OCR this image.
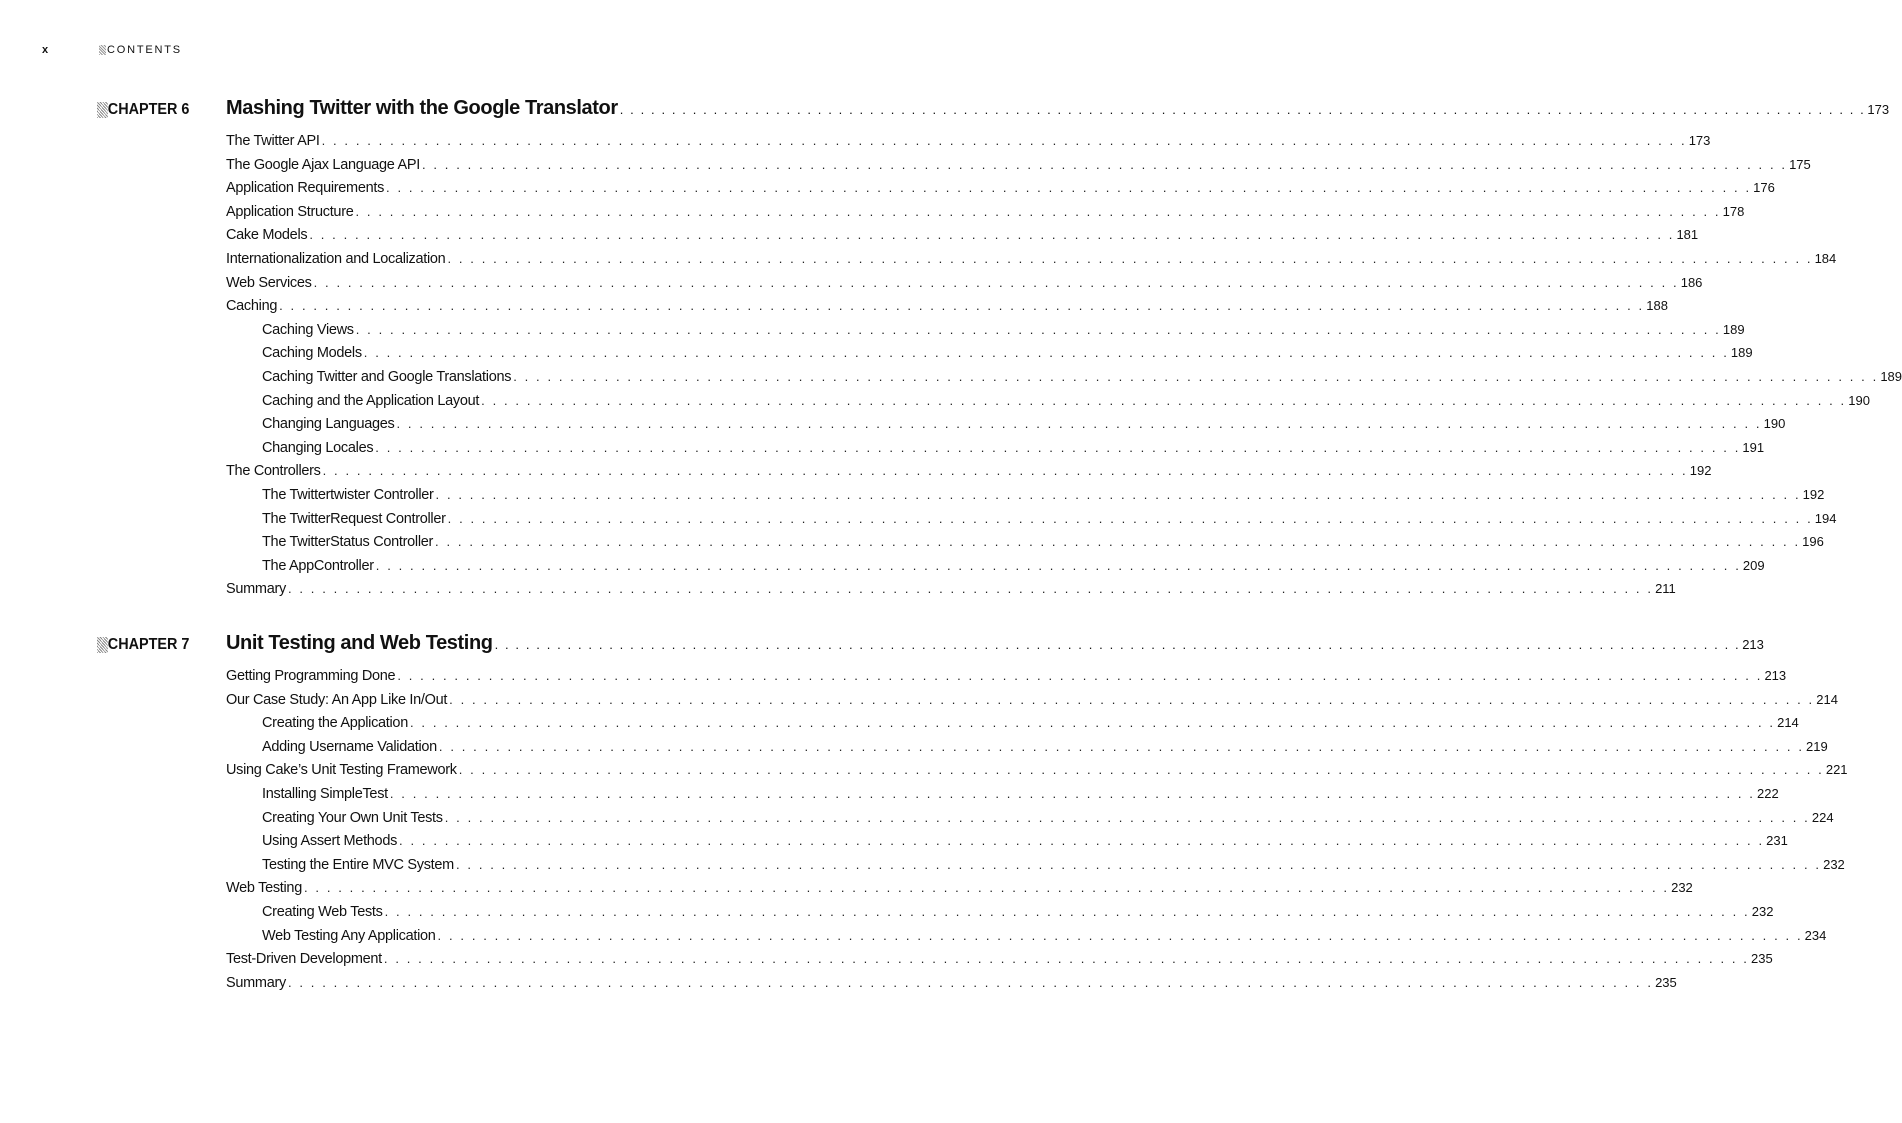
x	CONTENTS
CHAPTER 6 Mashing Twitter with the Google Translator . . . . . . . . . . . . . . . . . . . . . . . . . . . . . . . . . . . . . . . . . . . . . . . . . . . . . . . . . . . . . . . . . . . . . . . . . . . . . . . . . . . . . . . . . . . . . . . . . . . . . . . . . . . . . . . . . . . . . . . . 173
The Twitter API . . . . . . . . . . . . . . . . . . . . . . . . . . . . . . . . . . . . . . . . . . . . . . . . . . . . . . . . . . . . . . . . . . . . . . . . . . . . . . . . . . . . . . . . . . . . . . . . . . . . . . . . . . . . . . . . . . . . . . . . 173
The Google Ajax Language API . . . . . . . . . . . . . . . . . . . . . . . . . . . . . . . . . . . . . . . . . . . . . . . . . . . . . . . . . . . . . . . . . . . . . . . . . . . . . . . . . . . . . . . . . . . . . . . . . . . . . . . . . . . . . . . . . . . . . . . . 175
Application Requirements . . . . . . . . . . . . . . . . . . . . . . . . . . . . . . . . . . . . . . . . . . . . . . . . . . . . . . . . . . . . . . . . . . . . . . . . . . . . . . . . . . . . . . . . . . . . . . . . . . . . . . . . . . . . . . . . . . . . . . . . 176
Application Structure . . . . . . . . . . . . . . . . . . . . . . . . . . . . . . . . . . . . . . . . . . . . . . . . . . . . . . . . . . . . . . . . . . . . . . . . . . . . . . . . . . . . . . . . . . . . . . . . . . . . . . . . . . . . . . . . . . . . . . . . 178
Cake Models . . . . . . . . . . . . . . . . . . . . . . . . . . . . . . . . . . . . . . . . . . . . . . . . . . . . . . . . . . . . . . . . . . . . . . . . . . . . . . . . . . . . . . . . . . . . . . . . . . . . . . . . . . . . . . . . . . . . . . . . 181
Internationalization and Localization . . . . . . . . . . . . . . . . . . . . . . . . . . . . . . . . . . . . . . . . . . . . . . . . . . . . . . . . . . . . . . . . . . . . . . . . . . . . . . . . . . . . . . . . . . . . . . . . . . . . . . . . . . . . . . . . . . . . . . . . 184
Web Services . . . . . . . . . . . . . . . . . . . . . . . . . . . . . . . . . . . . . . . . . . . . . . . . . . . . . . . . . . . . . . . . . . . . . . . . . . . . . . . . . . . . . . . . . . . . . . . . . . . . . . . . . . . . . . . . . . . . . . . . 186
Caching . . . . . . . . . . . . . . . . . . . . . . . . . . . . . . . . . . . . . . . . . . . . . . . . . . . . . . . . . . . . . . . . . . . . . . . . . . . . . . . . . . . . . . . . . . . . . . . . . . . . . . . . . . . . . . . . . . . . . . . . 188
Caching Views . . . . . . . . . . . . . . . . . . . . . . . . . . . . . . . . . . . . . . . . . . . . . . . . . . . . . . . . . . . . . . . . . . . . . . . . . . . . . . . . . . . . . . . . . . . . . . . . . . . . . . . . . . . . . . . . . . . . . . . . 189
Caching Models . . . . . . . . . . . . . . . . . . . . . . . . . . . . . . . . . . . . . . . . . . . . . . . . . . . . . . . . . . . . . . . . . . . . . . . . . . . . . . . . . . . . . . . . . . . . . . . . . . . . . . . . . . . . . . . . . . . . . . . . 189
Caching Twitter and Google Translations . . . . . . . . . . . . . . . . . . . . . . . . . . . . . . . . . . . . . . . . . . . . . . . . . . . . . . . . . . . . . . . . . . . . . . . . . . . . . . . . . . . . . . . . . . . . . . . . . . . . . . . . . . . . . . . . . . . . . . . . 189
Caching and the Application Layout . . . . . . . . . . . . . . . . . . . . . . . . . . . . . . . . . . . . . . . . . . . . . . . . . . . . . . . . . . . . . . . . . . . . . . . . . . . . . . . . . . . . . . . . . . . . . . . . . . . . . . . . . . . . . . . . . . . . . . . . 190
Changing Languages . . . . . . . . . . . . . . . . . . . . . . . . . . . . . . . . . . . . . . . . . . . . . . . . . . . . . . . . . . . . . . . . . . . . . . . . . . . . . . . . . . . . . . . . . . . . . . . . . . . . . . . . . . . . . . . . . . . . . . . . 190
Changing Locales . . . . . . . . . . . . . . . . . . . . . . . . . . . . . . . . . . . . . . . . . . . . . . . . . . . . . . . . . . . . . . . . . . . . . . . . . . . . . . . . . . . . . . . . . . . . . . . . . . . . . . . . . . . . . . . . . . . . . . . . 191
The Controllers . . . . . . . . . . . . . . . . . . . . . . . . . . . . . . . . . . . . . . . . . . . . . . . . . . . . . . . . . . . . . . . . . . . . . . . . . . . . . . . . . . . . . . . . . . . . . . . . . . . . . . . . . . . . . . . . . . . . . . . . 192
The Twittertwister Controller . . . . . . . . . . . . . . . . . . . . . . . . . . . . . . . . . . . . . . . . . . . . . . . . . . . . . . . . . . . . . . . . . . . . . . . . . . . . . . . . . . . . . . . . . . . . . . . . . . . . . . . . . . . . . . . . . . . . . . . . 192
The TwitterRequest Controller . . . . . . . . . . . . . . . . . . . . . . . . . . . . . . . . . . . . . . . . . . . . . . . . . . . . . . . . . . . . . . . . . . . . . . . . . . . . . . . . . . . . . . . . . . . . . . . . . . . . . . . . . . . . . . . . . . . . . . . . 194
The TwitterStatus Controller . . . . . . . . . . . . . . . . . . . . . . . . . . . . . . . . . . . . . . . . . . . . . . . . . . . . . . . . . . . . . . . . . . . . . . . . . . . . . . . . . . . . . . . . . . . . . . . . . . . . . . . . . . . . . . . . . . . . . . . . 196
The AppController . . . . . . . . . . . . . . . . . . . . . . . . . . . . . . . . . . . . . . . . . . . . . . . . . . . . . . . . . . . . . . . . . . . . . . . . . . . . . . . . . . . . . . . . . . . . . . . . . . . . . . . . . . . . . . . . . . . . . . . . 209
Summary . . . . . . . . . . . . . . . . . . . . . . . . . . . . . . . . . . . . . . . . . . . . . . . . . . . . . . . . . . . . . . . . . . . . . . . . . . . . . . . . . . . . . . . . . . . . . . . . . . . . . . . . . . . . . . . . . . . . . . . . 211
CHAPTER 7 Unit Testing and Web Testing . . . . . . . . . . . . . . . . . . . . . . . . . . . . . . . . . . . . . . . . . . . . . . . . . . . . . . . . . . . . . . . . . . . . . . . . . . . . . . . . . . . . . . . . . . . . . . . . . . . . . . . . . . . . . . . . . . . . . . . . 213
Getting Programming Done . . . . . . . . . . . . . . . . . . . . . . . . . . . . . . . . . . . . . . . . . . . . . . . . . . . . . . . . . . . . . . . . . . . . . . . . . . . . . . . . . . . . . . . . . . . . . . . . . . . . . . . . . . . . . . . . . . . . . . . . 213
Our Case Study: An App Like In/Out . . . . . . . . . . . . . . . . . . . . . . . . . . . . . . . . . . . . . . . . . . . . . . . . . . . . . . . . . . . . . . . . . . . . . . . . . . . . . . . . . . . . . . . . . . . . . . . . . . . . . . . . . . . . . . . . . . . . . . . . 214
Creating the Application . . . . . . . . . . . . . . . . . . . . . . . . . . . . . . . . . . . . . . . . . . . . . . . . . . . . . . . . . . . . . . . . . . . . . . . . . . . . . . . . . . . . . . . . . . . . . . . . . . . . . . . . . . . . . . . . . . . . . . . . 214
Adding Username Validation . . . . . . . . . . . . . . . . . . . . . . . . . . . . . . . . . . . . . . . . . . . . . . . . . . . . . . . . . . . . . . . . . . . . . . . . . . . . . . . . . . . . . . . . . . . . . . . . . . . . . . . . . . . . . . . . . . . . . . . . 219
Using Cake’s Unit Testing Framework . . . . . . . . . . . . . . . . . . . . . . . . . . . . . . . . . . . . . . . . . . . . . . . . . . . . . . . . . . . . . . . . . . . . . . . . . . . . . . . . . . . . . . . . . . . . . . . . . . . . . . . . . . . . . . . . . . . . . . . . 221
Installing SimpleTest . . . . . . . . . . . . . . . . . . . . . . . . . . . . . . . . . . . . . . . . . . . . . . . . . . . . . . . . . . . . . . . . . . . . . . . . . . . . . . . . . . . . . . . . . . . . . . . . . . . . . . . . . . . . . . . . . . . . . . . . 222
Creating Your Own Unit Tests . . . . . . . . . . . . . . . . . . . . . . . . . . . . . . . . . . . . . . . . . . . . . . . . . . . . . . . . . . . . . . . . . . . . . . . . . . . . . . . . . . . . . . . . . . . . . . . . . . . . . . . . . . . . . . . . . . . . . . . . 224
Using Assert Methods . . . . . . . . . . . . . . . . . . . . . . . . . . . . . . . . . . . . . . . . . . . . . . . . . . . . . . . . . . . . . . . . . . . . . . . . . . . . . . . . . . . . . . . . . . . . . . . . . . . . . . . . . . . . . . . . . . . . . . . . 231
Testing the Entire MVC System . . . . . . . . . . . . . . . . . . . . . . . . . . . . . . . . . . . . . . . . . . . . . . . . . . . . . . . . . . . . . . . . . . . . . . . . . . . . . . . . . . . . . . . . . . . . . . . . . . . . . . . . . . . . . . . . . . . . . . . . 232
Web Testing . . . . . . . . . . . . . . . . . . . . . . . . . . . . . . . . . . . . . . . . . . . . . . . . . . . . . . . . . . . . . . . . . . . . . . . . . . . . . . . . . . . . . . . . . . . . . . . . . . . . . . . . . . . . . . . . . . . . . . . . 232
Creating Web Tests . . . . . . . . . . . . . . . . . . . . . . . . . . . . . . . . . . . . . . . . . . . . . . . . . . . . . . . . . . . . . . . . . . . . . . . . . . . . . . . . . . . . . . . . . . . . . . . . . . . . . . . . . . . . . . . . . . . . . . . . 232
Web Testing Any Application . . . . . . . . . . . . . . . . . . . . . . . . . . . . . . . . . . . . . . . . . . . . . . . . . . . . . . . . . . . . . . . . . . . . . . . . . . . . . . . . . . . . . . . . . . . . . . . . . . . . . . . . . . . . . . . . . . . . . . . . 234
Test-Driven Development . . . . . . . . . . . . . . . . . . . . . . . . . . . . . . . . . . . . . . . . . . . . . . . . . . . . . . . . . . . . . . . . . . . . . . . . . . . . . . . . . . . . . . . . . . . . . . . . . . . . . . . . . . . . . . . . . . . . . . . . 235
Summary . . . . . . . . . . . . . . . . . . . . . . . . . . . . . . . . . . . . . . . . . . . . . . . . . . . . . . . . . . . . . . . . . . . . . . . . . . . . . . . . . . . . . . . . . . . . . . . . . . . . . . . . . . . . . . . . . . . . . . . . 235
